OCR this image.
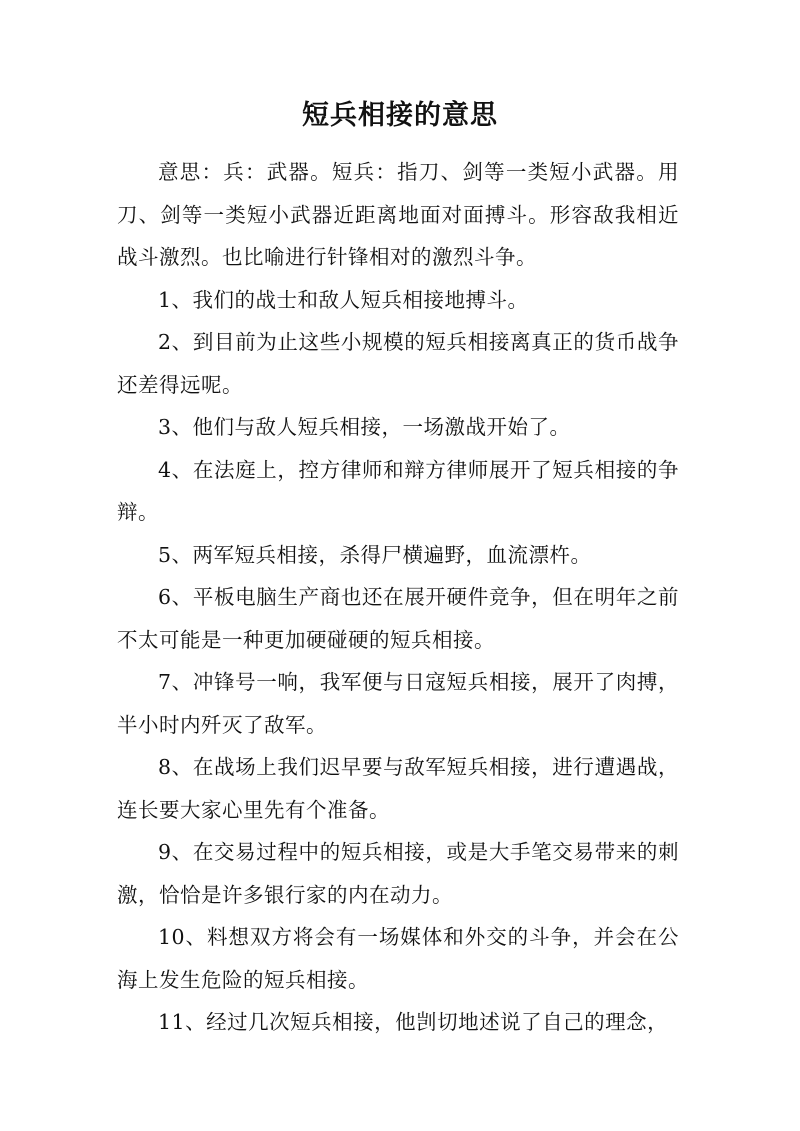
短兵相接的意思

意思：兵：武器。短兵：指刀、剑等一类短小武器。用刀、剑等一类短小武器近距离地面对面搏斗。形容敌我相近战斗激烈。也比喻进行针锋相对的激烈斗争。

1、我们的战士和敌人短兵相接地搏斗。

2、到目前为止这些小规模的短兵相接离真正的货币战争还差得远呢。

3、他们与敌人短兵相接，一场激战开始了。

4、在法庭上，控方律师和辩方律师展开了短兵相接的争辩。

5、两军短兵相接，杀得尸横遍野，血流漂杵。

6、平板电脑生产商也还在展开硬件竞争，但在明年之前不太可能是一种更加硬碰硬的短兵相接。

7、冲锋号一响，我军便与日寇短兵相接，展开了肉搏，半小时内歼灭了敌军。

8、在战场上我们迟早要与敌军短兵相接，进行遭遇战，连长要大家心里先有个准备。

9、在交易过程中的短兵相接，或是大手笔交易带来的刺激，恰恰是许多银行家的内在动力。

10、料想双方将会有一场媒体和外交的斗争，并会在公海上发生危险的短兵相接。

11、经过几次短兵相接，他剀切地述说了自己的理念，
